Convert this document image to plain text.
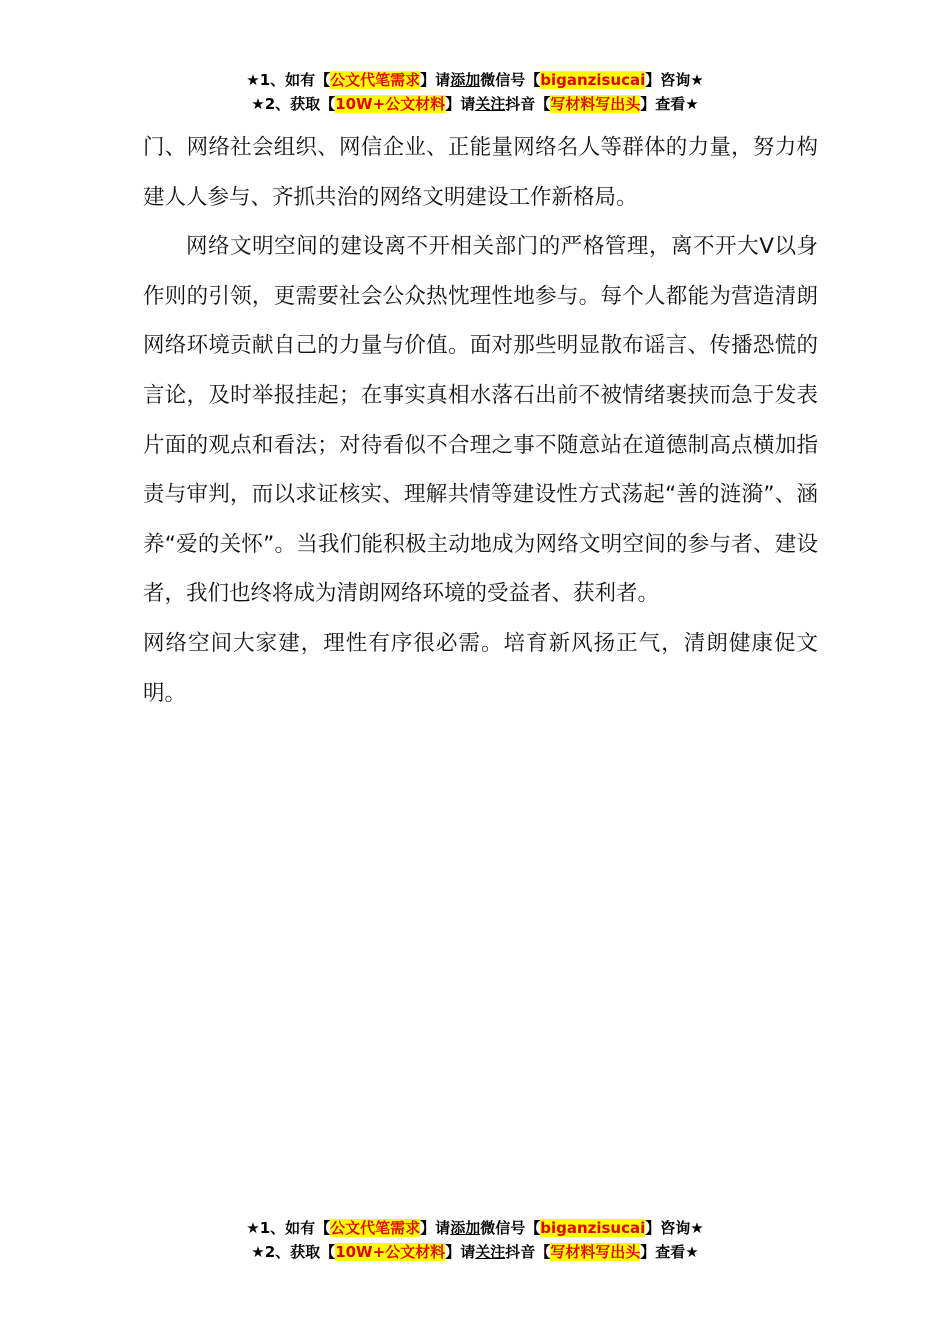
★1、如有【公文代笔需求】请添加微信号【biganzisucai】咨询★
★2、获取【10W+公文材料】请关注抖音【写材料写出头】查看★

门、网络社会组织、网信企业、正能量网络名人等群体的力量，努力构建人人参与、齐抓共治的网络文明建设工作新格局。

网络文明空间的建设离不开相关部门的严格管理，离不开大V以身作则的引领，更需要社会公众热忱理性地参与。每个人都能为营造清朗网络环境贡献自己的力量与价值。面对那些明显散布谣言、传播恐慌的言论，及时举报挂起；在事实真相水落石出前不被情绪裹挟而急于发表片面的观点和看法；对待看似不合理之事不随意站在道德制高点横加指责与审判，而以求证核实、理解共情等建设性方式荡起“善的涟漪”、涵养“爱的关怀”。当我们能积极主动地成为网络文明空间的参与者、建设者，我们也终将成为清朗网络环境的受益者、获利者。

网络空间大家建，理性有序很必需。培育新风扬正气，清朗健康促文明。

★1、如有【公文代笔需求】请添加微信号【biganzisucai】咨询★
★2、获取【10W+公文材料】请关注抖音【写材料写出头】查看★
